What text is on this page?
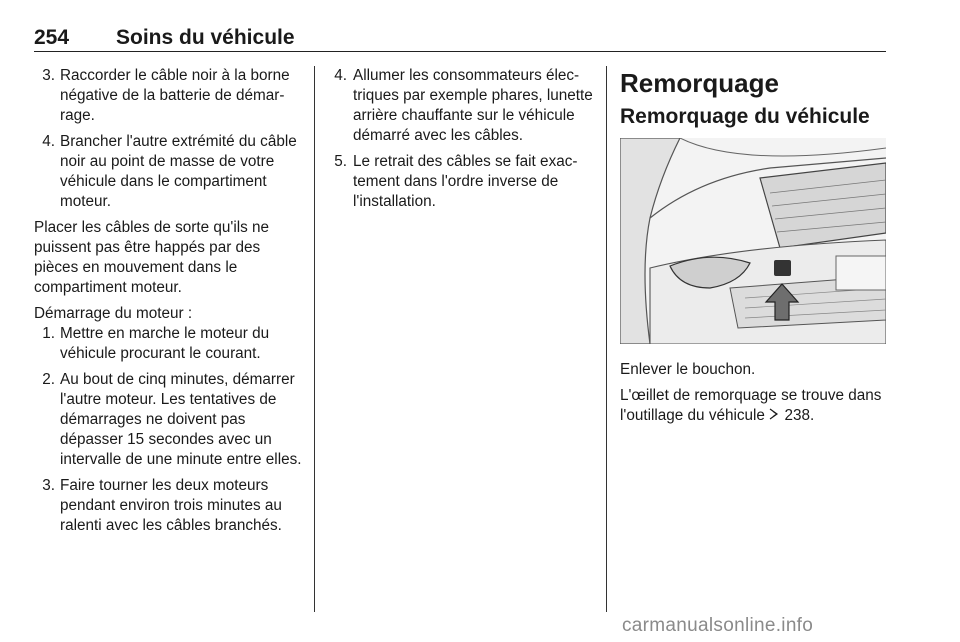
254 Soins du véhicule
3. Raccorder le câble noir à la borne négative de la batterie de démarrage.
4. Brancher l'autre extrémité du câble noir au point de masse de votre véhicule dans le compartiment moteur.

Placer les câbles de sorte qu'ils ne puissent pas être happés par des pièces en mouvement dans le compartiment moteur.

Démarrage du moteur :

1. Mettre en marche le moteur du véhicule procurant le courant.
2. Au bout de cinq minutes, démarrer l'autre moteur. Les tentatives de démarrages ne doivent pas dépasser 15 secondes avec un intervalle de une minute entre elles.
3. Faire tourner les deux moteurs pendant environ trois minutes au ralenti avec les câbles branchés.
4. Allumer les consommateurs électriques par exemple phares, lunette arrière chauffante sur le véhicule démarré avec les câbles.
5. Le retrait des câbles se fait exactement dans l'ordre inverse de l'installation.
Remorquage
Remorquage du véhicule

Enlever le bouchon.

L'œillet de remorquage se trouve dans l'outillage du véhicule 238.

carmanualsonline.info
